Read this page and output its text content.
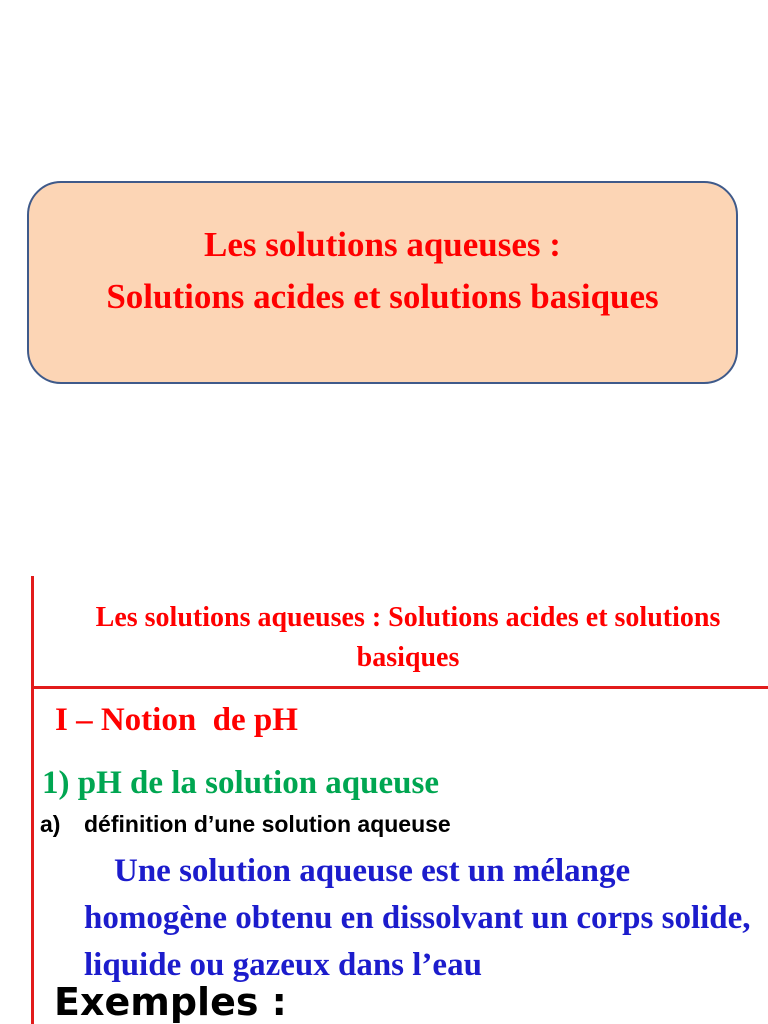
Les solutions aqueuses :
Solutions acides et solutions basiques
Les solutions aqueuses : Solutions acides et solutions basiques
I – Notion  de pH
1) pH de la solution aqueuse
a) définition d’une solution aqueuse
Une solution aqueuse est un mélange homogène obtenu en dissolvant un corps solide, liquide ou gazeux dans l’eau
Exemples :
